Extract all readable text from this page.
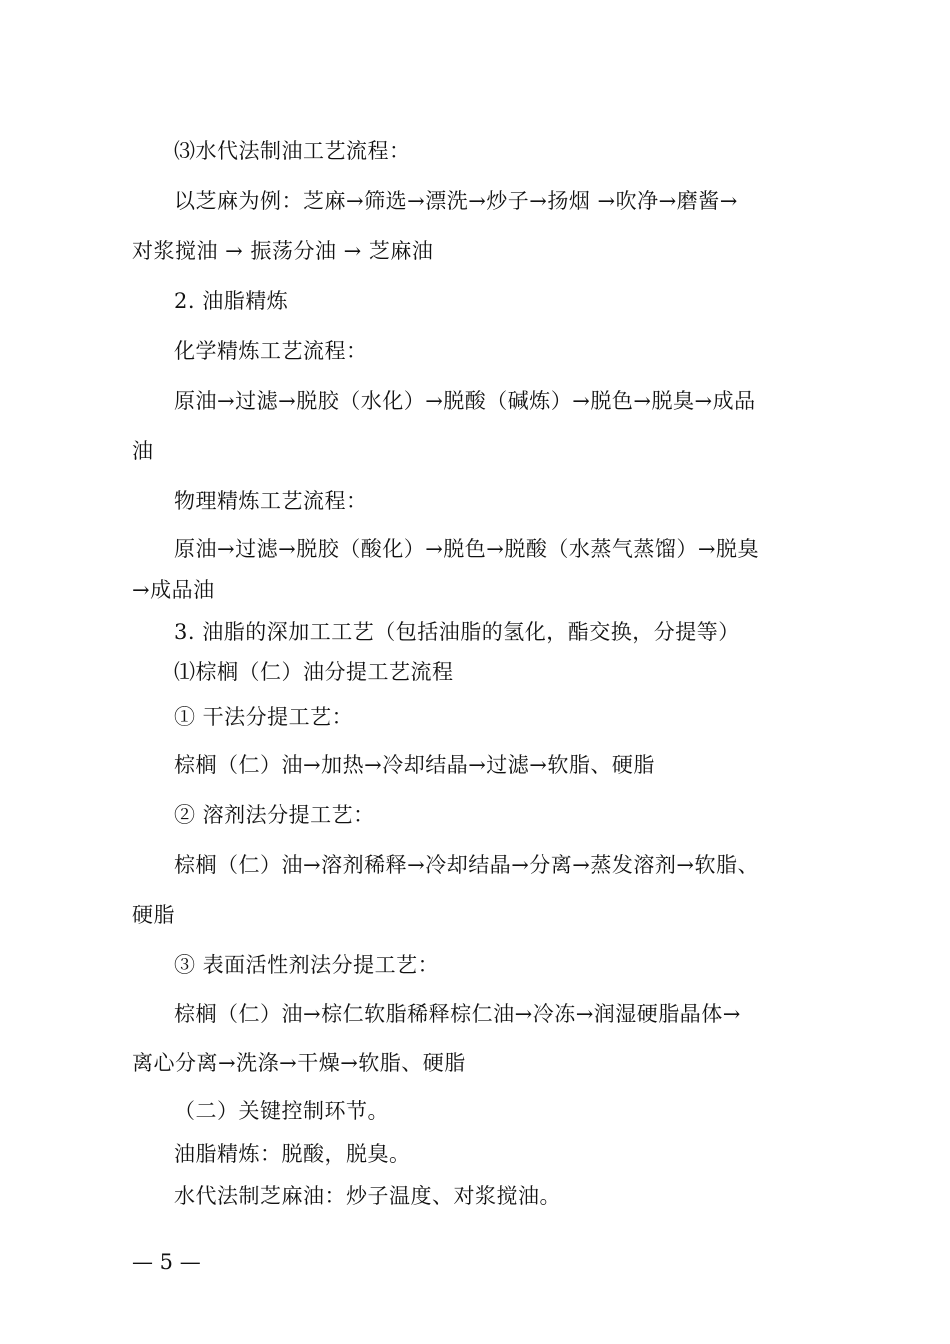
⑶水代法制油工艺流程：
以芝麻为例：芝麻→筛选→漂洗→炒子→扬烟 →吹净→磨酱→
对浆搅油 → 振荡分油 → 芝麻油
2. 油脂精炼
化学精炼工艺流程：
原油→过滤→脱胶（水化）→脱酸（碱炼）→脱色→脱臭→成品
油
物理精炼工艺流程：
原油→过滤→脱胶（酸化）→脱色→脱酸（水蒸气蒸馏）→脱臭
→成品油
3. 油脂的深加工工艺（包括油脂的氢化，酯交换，分提等）
⑴棕榈（仁）油分提工艺流程
① 干法分提工艺：
棕榈（仁）油→加热→冷却结晶→过滤→软脂、硬脂
② 溶剂法分提工艺：
棕榈（仁）油→溶剂稀释→冷却结晶→分离→蒸发溶剂→软脂、
硬脂
③ 表面活性剂法分提工艺：
棕榈（仁）油→棕仁软脂稀释棕仁油→冷冻→润湿硬脂晶体→
离心分离→洗涤→干燥→软脂、硬脂
（二）关键控制环节。
油脂精炼：脱酸，脱臭。
水代法制芝麻油：炒子温度、对浆搅油。
— 5 —
